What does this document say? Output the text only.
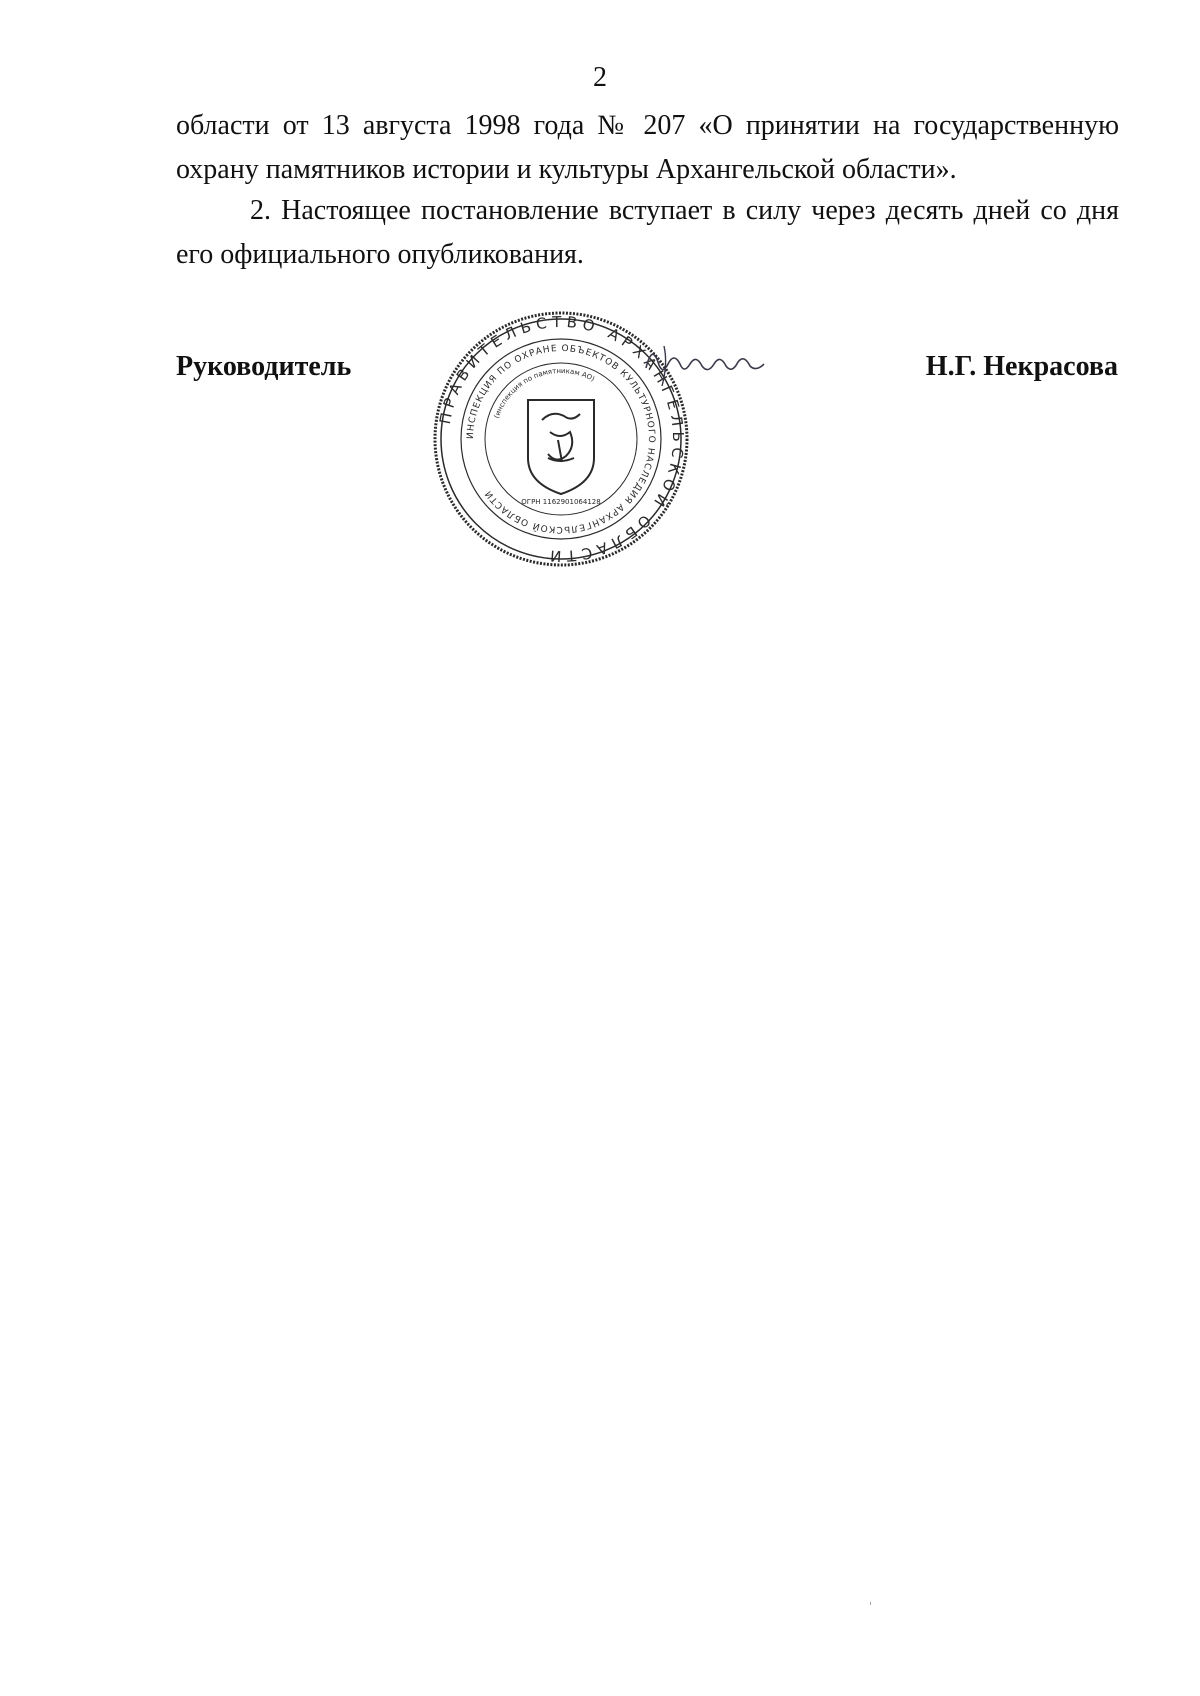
2

области от 13 августа 1998 года № 207 «О принятии на государственную охрану памятников истории и культуры Архангельской области».

2. Настоящее постановление вступает в силу через десять дней со дня его официального опубликования.

Руководитель
ПРАВИТЕЛЬСТВО АРХАНГЕЛЬСКОЙ ОБЛАСТИ
ИНСПЕКЦИЯ ПО ОХРАНЕ ОБЪЕКТОВ КУЛЬТУРНОГО НАСЛЕДИЯ АРХАНГЕЛЬСКОЙ ОБЛАСТИ
(инспекция по памятникам АО)
ОГРН 1162901064128
Н.Г. Некрасова
